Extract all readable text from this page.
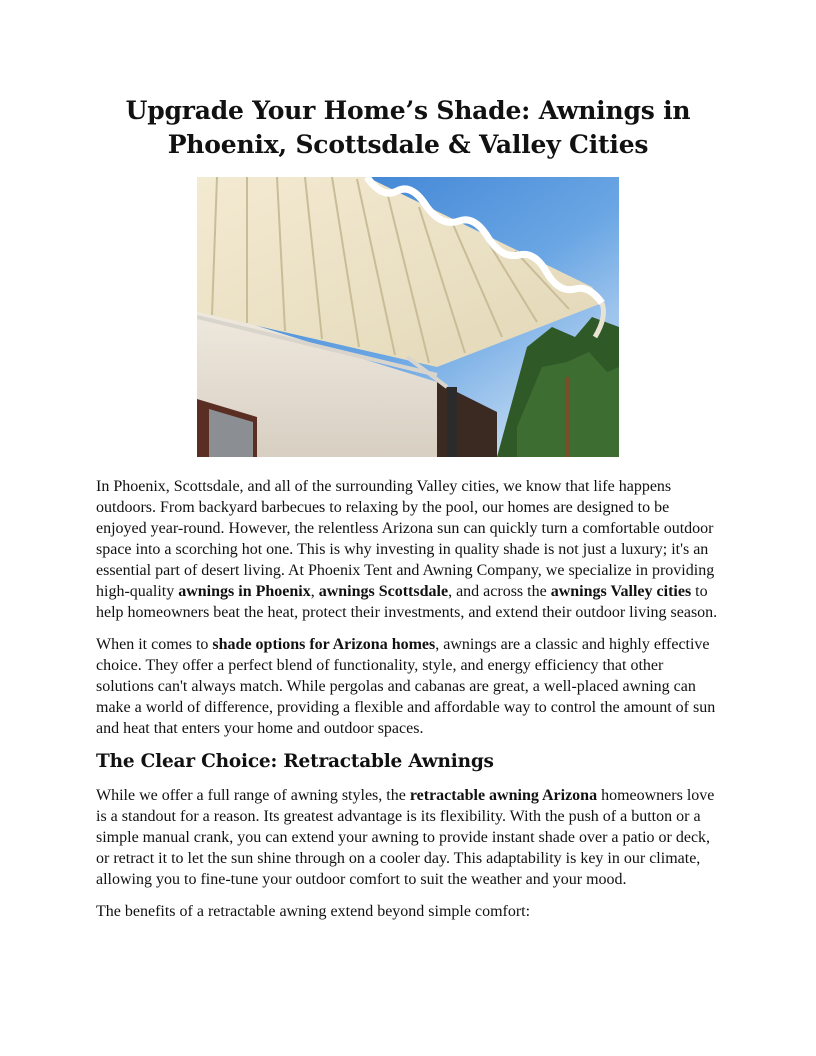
Upgrade Your Home’s Shade: Awnings in Phoenix, Scottsdale & Valley Cities

In Phoenix, Scottsdale, and all of the surrounding Valley cities, we know that life happens outdoors. From backyard barbecues to relaxing by the pool, our homes are designed to be enjoyed year-round. However, the relentless Arizona sun can quickly turn a comfortable outdoor space into a scorching hot one. This is why investing in quality shade is not just a luxury; it's an essential part of desert living. At Phoenix Tent and Awning Company, we specialize in providing high-quality awnings in Phoenix, awnings Scottsdale, and across the awnings Valley cities to help homeowners beat the heat, protect their investments, and extend their outdoor living season.

When it comes to shade options for Arizona homes, awnings are a classic and highly effective choice. They offer a perfect blend of functionality, style, and energy efficiency that other solutions can't always match. While pergolas and cabanas are great, a well-placed awning can make a world of difference, providing a flexible and affordable way to control the amount of sun and heat that enters your home and outdoor spaces.

The Clear Choice: Retractable Awnings

While we offer a full range of awning styles, the retractable awning Arizona homeowners love is a standout for a reason. Its greatest advantage is its flexibility. With the push of a button or a simple manual crank, you can extend your awning to provide instant shade over a patio or deck, or retract it to let the sun shine through on a cooler day. This adaptability is key in our climate, allowing you to fine-tune your outdoor comfort to suit the weather and your mood.

The benefits of a retractable awning extend beyond simple comfort:
